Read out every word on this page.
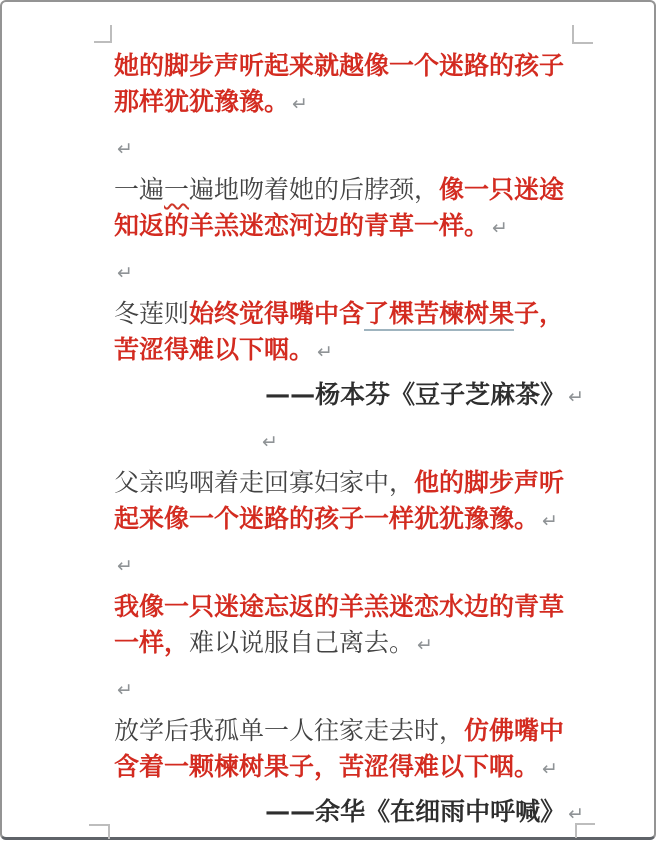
她的脚步声听起来就越像一个迷路的孩子那样犹犹豫豫。 ↵
↵
一遍一遍地吻着她的后脖颈，像一只迷途知返的羊羔迷恋河边的青草一样。 ↵
↵
冬莲则始终觉得嘴中含了棵苦楝树果子，苦涩得难以下咽。 ↵
——杨本芬《豆子芝麻茶》 ↵
↵
父亲呜咽着走回寡妇家中，他的脚步声听起来像一个迷路的孩子一样犹犹豫豫。 ↵
↵
我像一只迷途忘返的羊羔迷恋水边的青草一样，难以说服自己离去。 ↵
↵
放学后我孤单一人往家走去时，仿佛嘴中含着一颗楝树果子，苦涩得难以下咽。 ↵
——余华《在细雨中呼喊》 ↵
